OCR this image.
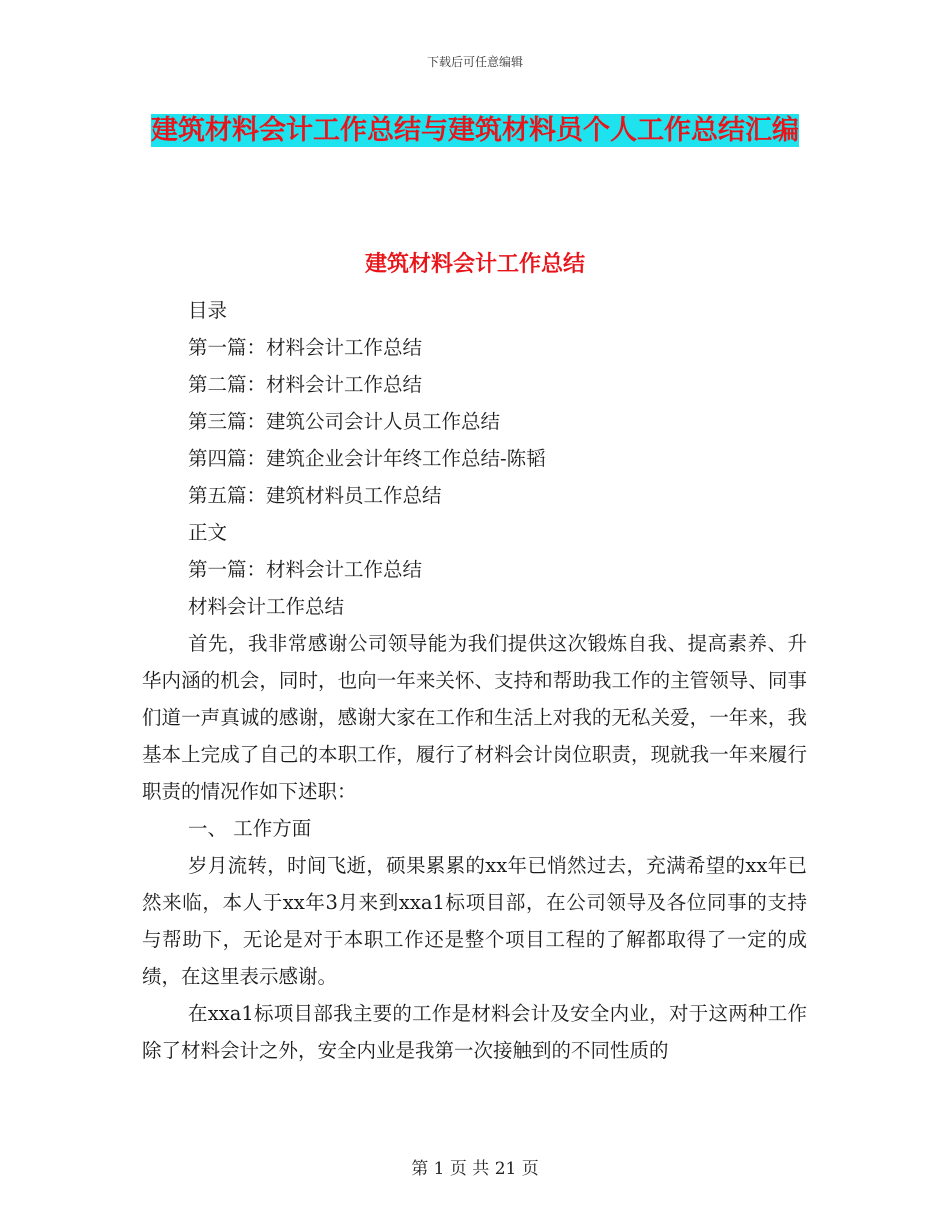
下载后可任意编辑
建筑材料会计工作总结与建筑材料员个人工作总结汇编
建筑材料会计工作总结

目录

第一篇：材料会计工作总结

第二篇：材料会计工作总结

第三篇：建筑公司会计人员工作总结

第四篇：建筑企业会计年终工作总结-陈韬

第五篇：建筑材料员工作总结

正文

第一篇：材料会计工作总结

材料会计工作总结

首先，我非常感谢公司领导能为我们提供这次锻炼自我、提高素养、升华内涵的机会，同时，也向一年来关怀、支持和帮助我工作的主管领导、同事们道一声真诚的感谢，感谢大家在工作和生活上对我的无私关爱，一年来，我基本上完成了自己的本职工作，履行了材料会计岗位职责，现就我一年来履行职责的情况作如下述职：

一、 工作方面

岁月流转，时间飞逝，硕果累累的xx年已悄然过去，充满希望的xx年已然来临，本人于xx年3月来到xxa1标项目部，在公司领导及各位同事的支持与帮助下，无论是对于本职工作还是整个项目工程的了解都取得了一定的成绩，在这里表示感谢。

在xxa1标项目部我主要的工作是材料会计及安全内业，对于这两种工作除了材料会计之外，安全内业是我第一次接触到的不同性质的

第 1 页 共 21 页
